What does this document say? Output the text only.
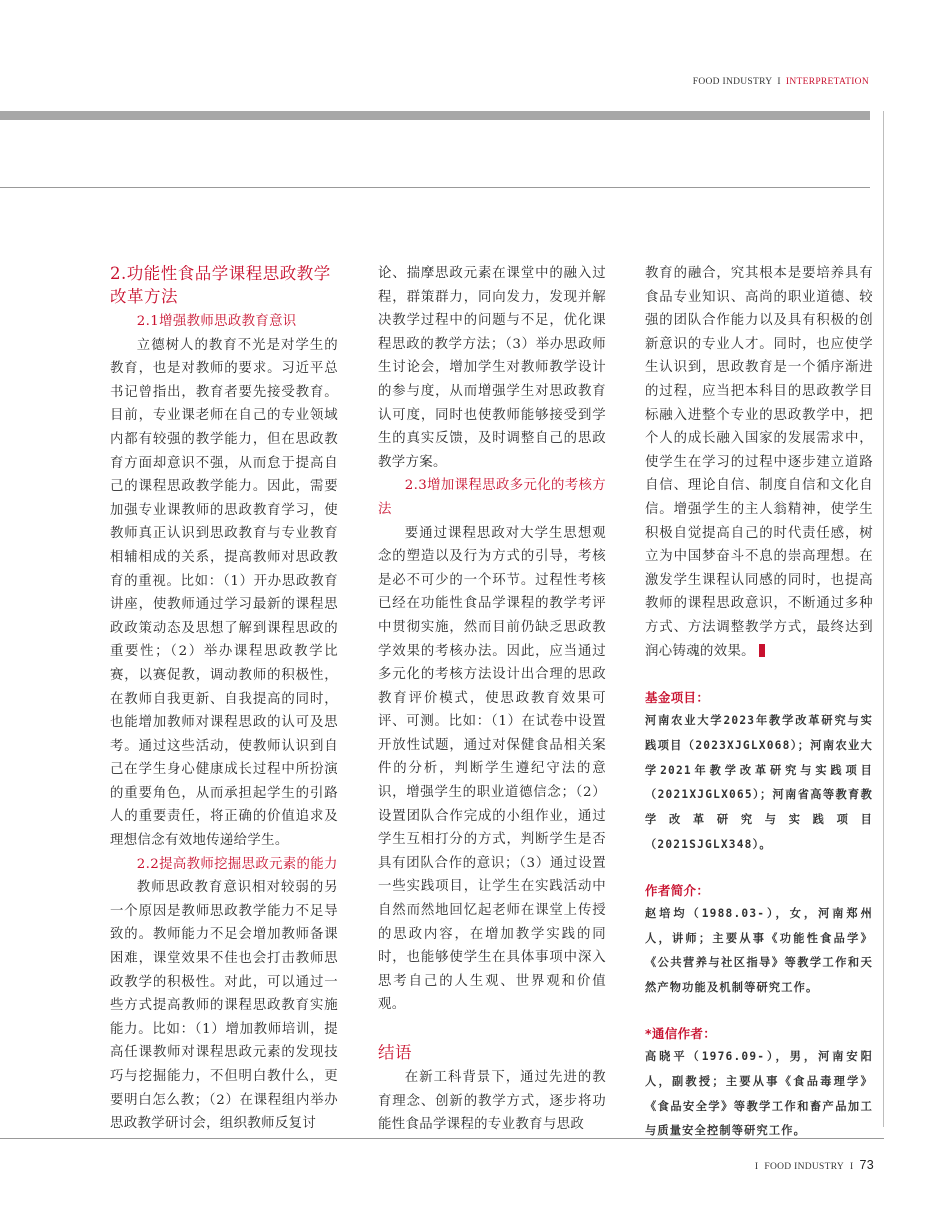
FOOD INDUSTRY I INTERPRETATION
2.功能性食品学课程思政教学改革方法

2.1增强教师思政教育意识

立德树人的教育不光是对学生的教育，也是对教师的要求。习近平总书记曾指出，教育者要先接受教育。目前，专业课老师在自己的专业领域内都有较强的教学能力，但在思政教育方面却意识不强，从而怠于提高自己的课程思政教学能力。因此，需要加强专业课教师的思政教育学习，使教师真正认识到思政教育与专业教育相辅相成的关系，提高教师对思政教育的重视。比如：（1）开办思政教育讲座，使教师通过学习最新的课程思政政策动态及思想了解到课程思政的重要性；（2）举办课程思政教学比赛，以赛促教，调动教师的积极性，在教师自我更新、自我提高的同时，也能增加教师对课程思政的认可及思考。通过这些活动，使教师认识到自己在学生身心健康成长过程中所扮演的重要角色，从而承担起学生的引路人的重要责任，将正确的价值追求及理想信念有效地传递给学生。

2.2提高教师挖掘思政元素的能力

教师思政教育意识相对较弱的另一个原因是教师思政教学能力不足导致的。教师能力不足会增加教师备课困难，课堂效果不佳也会打击教师思政教学的积极性。对此，可以通过一些方式提高教师的课程思政教育实施能力。比如：（1）增加教师培训，提高任课教师对课程思政元素的发现技巧与挖掘能力，不但明白教什么，更要明白怎么教；（2）在课程组内举办思政教学研讨会，组织教师反复讨

论、揣摩思政元素在课堂中的融入过程，群策群力，同向发力，发现并解决教学过程中的问题与不足，优化课程思政的教学方法；（3）举办思政师生讨论会，增加学生对教师教学设计的参与度，从而增强学生对思政教育认可度，同时也使教师能够接受到学生的真实反馈，及时调整自己的思政教学方案。

2.3增加课程思政多元化的考核方法

要通过课程思政对大学生思想观念的塑造以及行为方式的引导，考核是必不可少的一个环节。过程性考核已经在功能性食品学课程的教学考评中贯彻实施，然而目前仍缺乏思政教学效果的考核办法。因此，应当通过多元化的考核方法设计出合理的思政教育评价模式，使思政教育效果可评、可测。比如：（1）在试卷中设置开放性试题，通过对保健食品相关案件的分析，判断学生遵纪守法的意识，增强学生的职业道德信念；（2）设置团队合作完成的小组作业，通过学生互相打分的方式，判断学生是否具有团队合作的意识；（3）通过设置一些实践项目，让学生在实践活动中自然而然地回忆起老师在课堂上传授的思政内容，在增加教学实践的同时，也能够使学生在具体事项中深入思考自己的人生观、世界观和价值观。

结语

在新工科背景下，通过先进的教育理念、创新的教学方式，逐步将功能性食品学课程的专业教育与思政

教育的融合，究其根本是要培养具有食品专业知识、高尚的职业道德、较强的团队合作能力以及具有积极的创新意识的专业人才。同时，也应使学生认识到，思政教育是一个循序渐进的过程，应当把本科目的思政教学目标融入进整个专业的思政教学中，把个人的成长融入国家的发展需求中，使学生在学习的过程中逐步建立道路自信、理论自信、制度自信和文化自信。增强学生的主人翁精神，使学生积极自觉提高自己的时代责任感，树立为中国梦奋斗不息的崇高理想。在激发学生课程认同感的同时，也提高教师的课程思政意识，不断通过多种方式、方法调整教学方式，最终达到润心铸魂的效果。

基金项目：

河南农业大学2023年教学改革研究与实践项目（2023XJGLX068）；河南农业大学2021年教学改革研究与实践项目（2021XJGLX065）；河南省高等教育教学改革研究与实践项目（2021SJGLX348）。

作者简介：

赵培均（1988.03-），女，河南郑州人，讲师；主要从事《功能性食品学》《公共营养与社区指导》等教学工作和天然产物功能及机制等研究工作。

*通信作者：

高晓平（1976.09-），男，河南安阳人，副教授；主要从事《食品毒理学》《食品安全学》等教学工作和畜产品加工与质量安全控制等研究工作。

I FOOD INDUSTRY I 73
